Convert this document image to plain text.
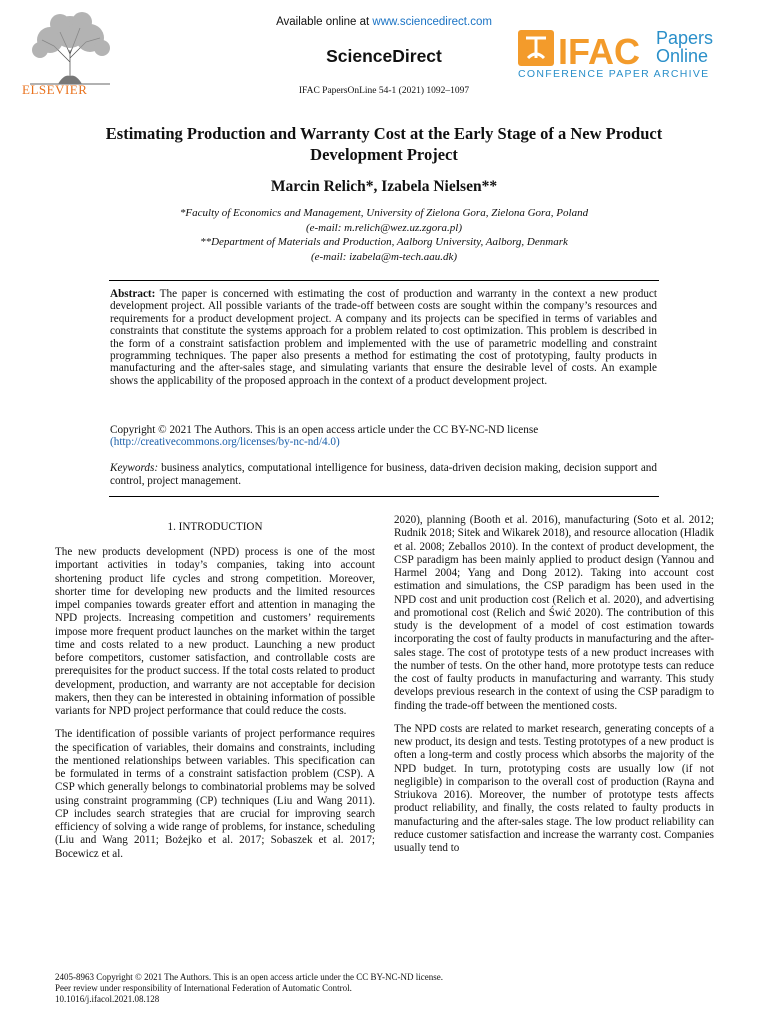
ELSEVIER
Available online at www.sciencedirect.com
ScienceDirect
IFAC PapersOnLine 54-1 (2021) 1092–1097
IFAC Papers
Online
CONFERENCE PAPER ARCHIVE
Estimating Production and Warranty Cost at the Early Stage of a New Product Development Project
Marcin Relich*, Izabela Nielsen**
*Faculty of Economics and Management, University of Zielona Gora, Zielona Gora, Poland
(e-mail: m.relich@wez.uz.zgora.pl)
**Department of Materials and Production, Aalborg University, Aalborg, Denmark
(e-mail: izabela@m-tech.aau.dk)
Abstract: The paper is concerned with estimating the cost of production and warranty in the context a new product development project. All possible variants of the trade-off between costs are sought within the company’s resources and requirements for a product development project. A company and its projects can be specified in terms of variables and constraints that constitute the systems approach for a problem related to cost optimization. This problem is described in the form of a constraint satisfaction problem and implemented with the use of parametric modelling and constraint programming techniques. The paper also presents a method for estimating the cost of prototyping, faulty products in manufacturing and the after-sales stage, and simulating variants that ensure the desirable level of costs. An example shows the applicability of the proposed approach in the context of a product development project.
Copyright © 2021 The Authors. This is an open access article under the CC BY-NC-ND license
(http://creativecommons.org/licenses/by-nc-nd/4.0)
Keywords: business analytics, computational intelligence for business, data-driven decision making, decision support and control, project management.
1. INTRODUCTION

The new products development (NPD) process is one of the most important activities in today’s companies, taking into account shortening product life cycles and strong competition. Moreover, shorter time for developing new products and the limited resources impel companies towards greater effort and attention in managing the NPD projects. Increasing competition and customers’ requirements impose more frequent product launches on the market within the target time and costs related to a new product. Launching a new product before competitors, customer satisfaction, and controllable costs are prerequisites for the product success. If the total costs related to product development, production, and warranty are not acceptable for decision makers, then they can be interested in obtaining information of possible variants for NPD project performance that could reduce the costs.

The identification of possible variants of project performance requires the specification of variables, their domains and constraints, including the mentioned relationships between variables. This specification can be formulated in terms of a constraint satisfaction problem (CSP). A CSP which generally belongs to combinatorial problems may be solved using constraint programming (CP) techniques (Liu and Wang 2011). CP includes search strategies that are crucial for improving search efficiency of solving a wide range of problems, for instance, scheduling (Liu and Wang 2011; Bożejko et al. 2017; Sobaszek et al. 2017; Bocewicz et al.

2020), planning (Booth et al. 2016), manufacturing (Soto et al. 2012; Rudnik 2018; Sitek and Wikarek 2018), and resource allocation (Hladik et al. 2008; Zeballos 2010). In the context of product development, the CSP paradigm has been mainly applied to product design (Yannou and Harmel 2004; Yang and Dong 2012). Taking into account cost estimation and simulations, the CSP paradigm has been used in the NPD cost and unit production cost (Relich et al. 2020), and advertising and promotional cost (Relich and Świć 2020). The contribution of this study is the development of a model of cost estimation towards incorporating the cost of faulty products in manufacturing and the after-sales stage. The cost of prototype tests of a new product increases with the number of tests. On the other hand, more prototype tests can reduce the cost of faulty products in manufacturing and warranty. This study develops previous research in the context of using the CSP paradigm to finding the trade-off between the mentioned costs.

The NPD costs are related to market research, generating concepts of a new product, its design and tests. Testing prototypes of a new product is often a long-term and costly process which absorbs the majority of the NPD budget. In turn, prototyping costs are usually low (if not negligible) in comparison to the overall cost of production (Rayna and Striukova 2016). Moreover, the number of prototype tests affects product reliability, and finally, the costs related to faulty products in manufacturing and the after-sales stage. The low product reliability can reduce customer satisfaction and increase the warranty cost. Companies usually tend to

2405-8963 Copyright © 2021 The Authors. This is an open access article under the CC BY-NC-ND license.
Peer review under responsibility of International Federation of Automatic Control.
10.1016/j.ifacol.2021.08.128
